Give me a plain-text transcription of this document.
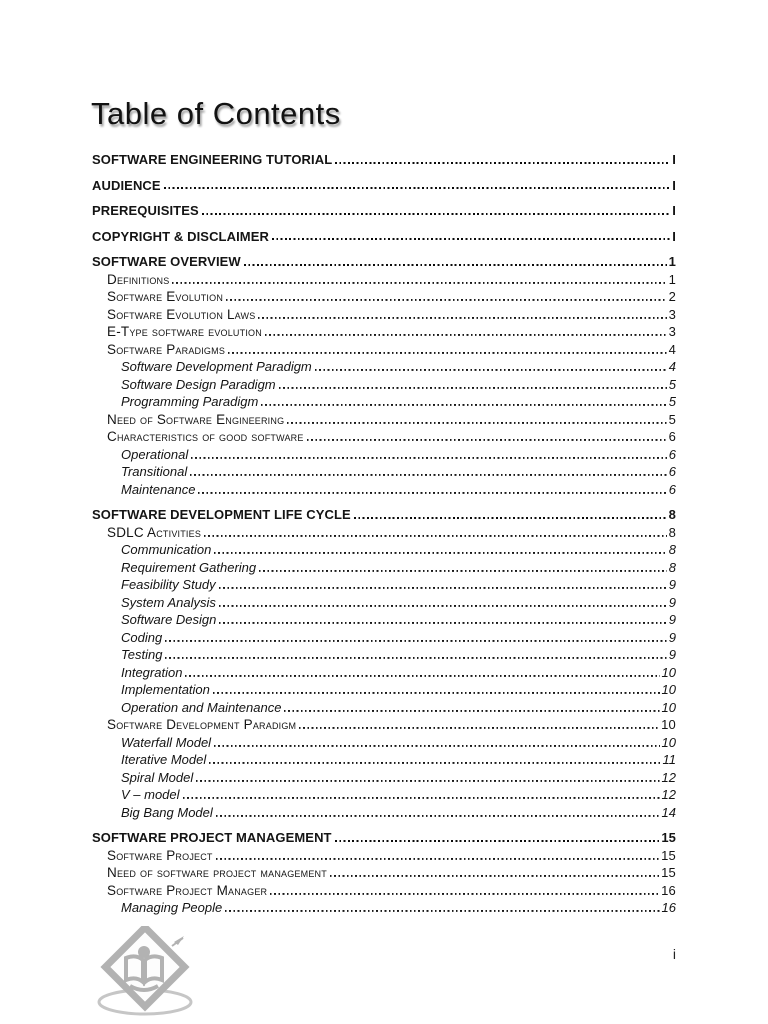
Table of Contents
SOFTWARE ENGINEERING TUTORIAL	I
AUDIENCE	I
PREREQUISITES	I
COPYRIGHT & DISCLAIMER	I
SOFTWARE OVERVIEW	1
Definitions	1
Software Evolution	2
Software Evolution Laws	3
E-Type software evolution	3
Software Paradigms	4
Software Development Paradigm	4
Software Design Paradigm	5
Programming Paradigm	5
Need of Software Engineering	5
Characteristics of good software	6
Operational	6
Transitional	6
Maintenance	6
SOFTWARE DEVELOPMENT LIFE CYCLE	8
SDLC Activities	8
Communication	8
Requirement Gathering	8
Feasibility Study	9
System Analysis	9
Software Design	9
Coding	9
Testing	9
Integration	10
Implementation	10
Operation and Maintenance	10
Software Development Paradigm	10
Waterfall Model	10
Iterative Model	11
Spiral Model	12
V – model	12
Big Bang Model	14
SOFTWARE PROJECT MANAGEMENT	15
Software Project	15
Need of software project management	15
Software Project Manager	16
Managing People	16
i
